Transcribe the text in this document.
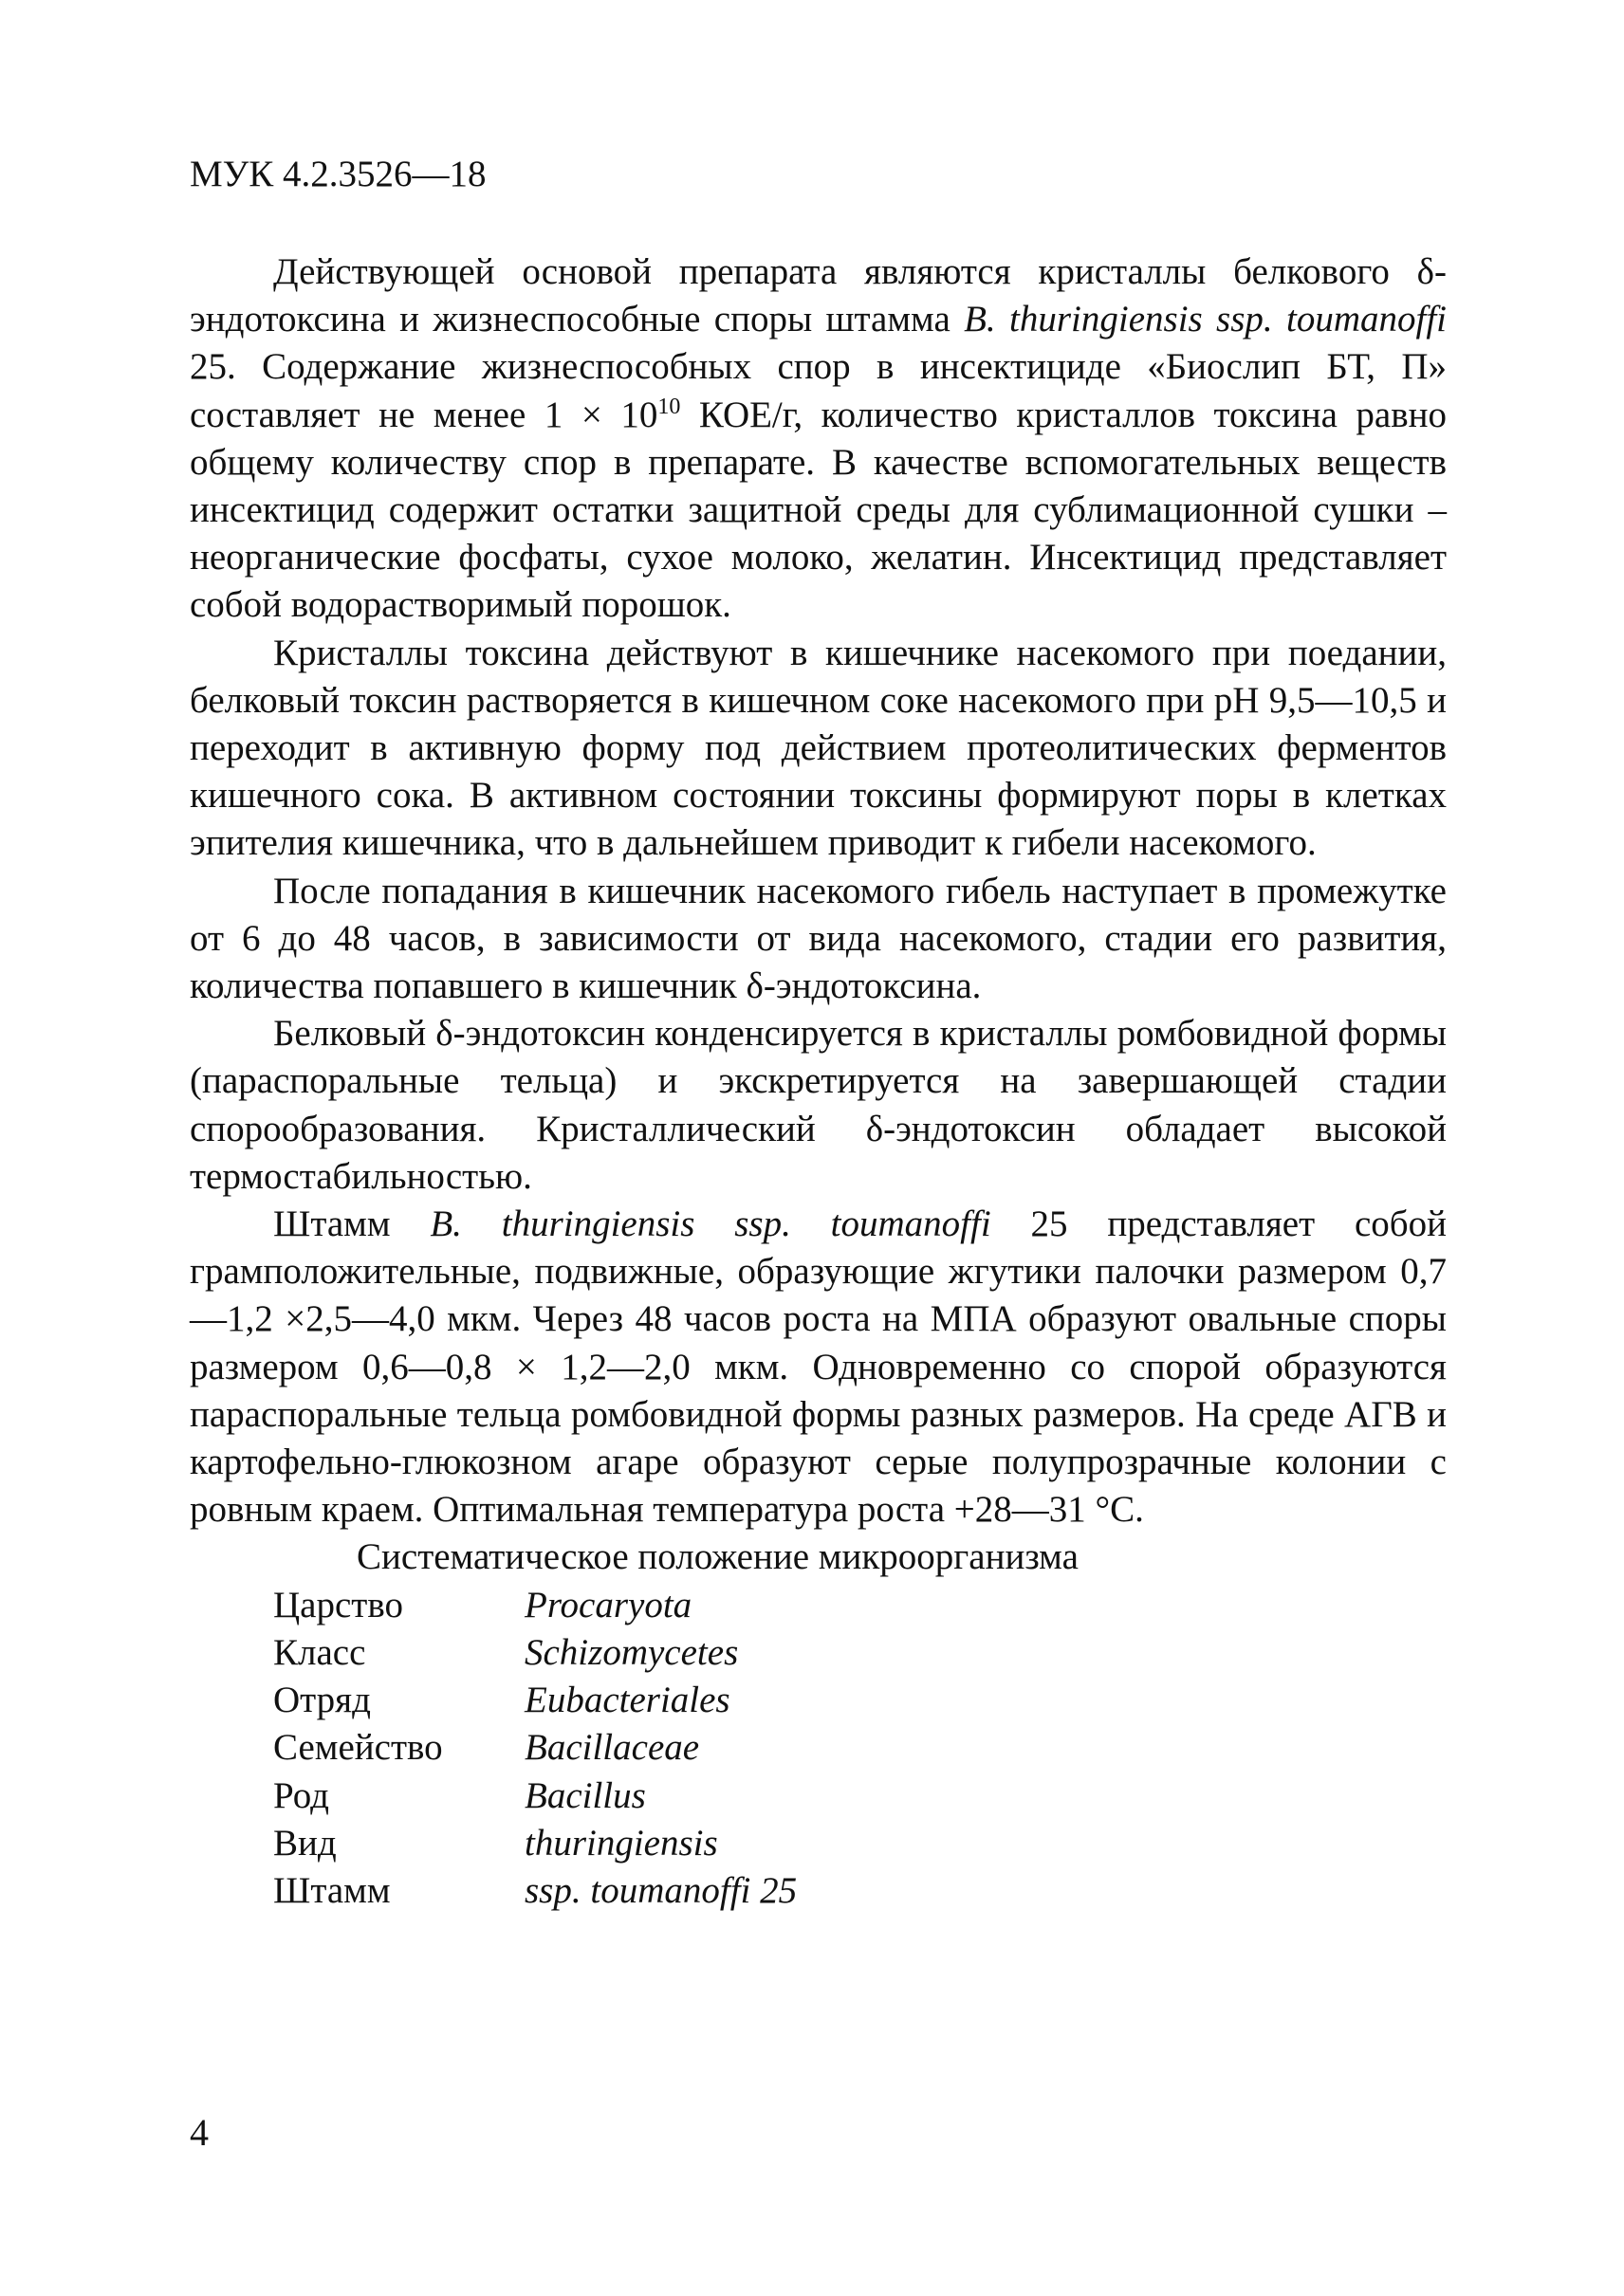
МУК 4.2.3526—18

Действующей основой препарата являются кристаллы белкового δ-эндотоксина и жизнеспособные споры штамма B. thuringiensis ssp. toumanoffi 25. Содержание жизнеспособных спор в инсектициде «Биослип БТ, П» составляет не менее $1 \times 10^{10}$ КОЕ/г, количество кристаллов токсина равно общему количеству спор в препарате. В качестве вспомогательных веществ инсектицид содержит остатки защитной среды для сублимационной сушки – неорганические фосфаты, сухое молоко, желатин. Инсектицид представляет собой водорастворимый порошок.

Кристаллы токсина действуют в кишечнике насекомого при поедании, белковый токсин растворяется в кишечном соке насекомого при рН 9,5—10,5 и переходит в активную форму под действием протеолитических ферментов кишечного сока. В активном состоянии токсины формируют поры в клетках эпителия кишечника, что в дальнейшем приводит к гибели насекомого.

После попадания в кишечник насекомого гибель наступает в промежутке от 6 до 48 часов, в зависимости от вида насекомого, стадии его развития, количества попавшего в кишечник δ-эндотоксина.

Белковый δ-эндотоксин конденсируется в кристаллы ромбовидной формы (параспоральные тельца) и экскретируется на завершающей стадии спорообразования. Кристаллический δ-эндотоксин обладает высокой термостабильностью.

Штамм B. thuringiensis ssp. toumanoffi 25 представляет собой грамположительные, подвижные, образующие жгутики палочки размером 0,7—1,2 ×2,5—4,0 мкм. Через 48 часов роста на МПА образуют овальные споры размером 0,6—0,8 × 1,2—2,0 мкм. Одновременно со спорой образуются параспоральные тельца ромбовидной формы разных размеров. На среде АГВ и картофельно-глюкозном агаре образуют серые полупрозрачные колонии с ровным краем. Оптимальная температура роста +28—31 °С.

Систематическое положение микроорганизма

Царство	Procaryota
Класс	Schizomycetes
Отряд	Eubacteriales
Семейство	Bacillaceae
Род	Bacillus
Вид	thuringiensis
Штамм	ssp. toumanoffi 25
4
